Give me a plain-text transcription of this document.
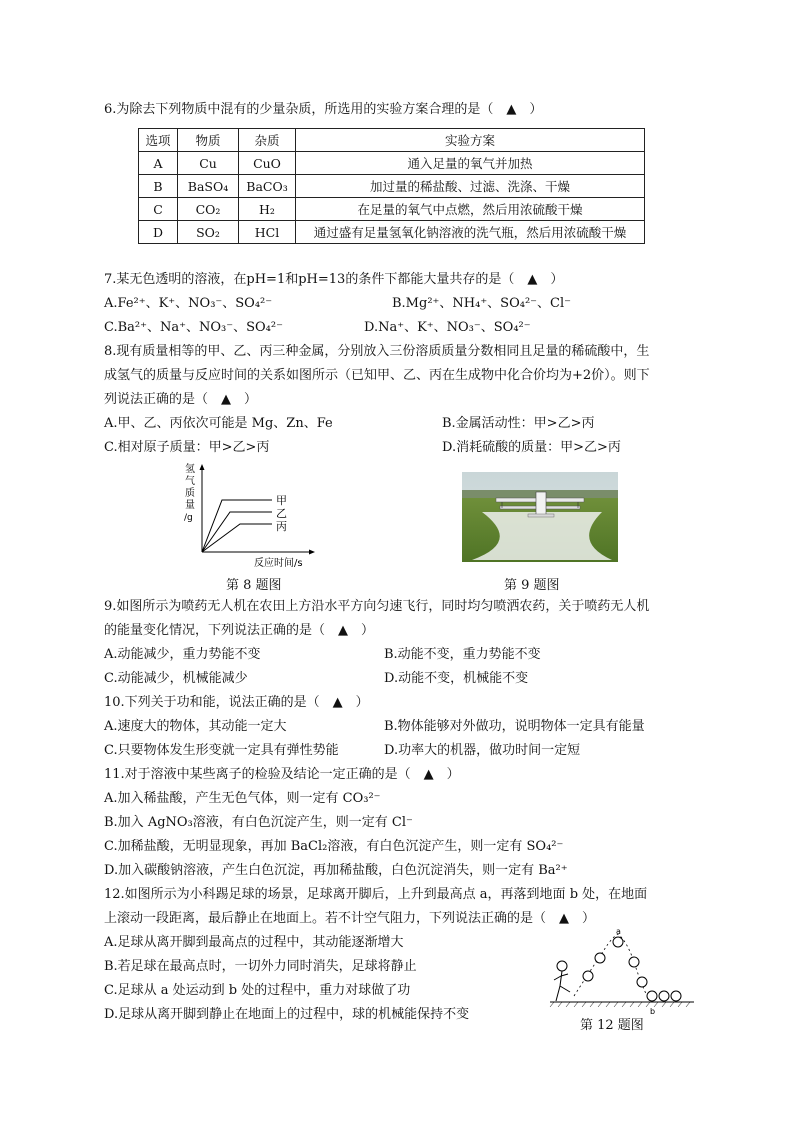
6.为除去下列物质中混有的少量杂质，所选用的实验方案合理的是（　▲　）
选项	物质	杂质	实验方案
A	Cu	CuO	通入足量的氧气并加热
B	BaSO₄	BaCO₃	加过量的稀盐酸、过滤、洗涤、干燥
C	CO₂	H₂	在足量的氧气中点燃，然后用浓硫酸干燥
D	SO₂	HCl	通过盛有足量氢氧化钠溶液的洗气瓶，然后用浓硫酸干燥
7.某无色透明的溶液，在pH=1和pH=13的条件下都能大量共存的是（　▲　）
A.Fe²⁺、K⁺、NO₃⁻、SO₄²⁻	B.Mg²⁺、NH₄⁺、SO₄²⁻、Cl⁻
C.Ba²⁺、Na⁺、NO₃⁻、SO₄²⁻	D.Na⁺、K⁺、NO₃⁻、SO₄²⁻
8.现有质量相等的甲、乙、丙三种金属，分别放入三份溶质质量分数相同且足量的稀硫酸中，生
成氢气的质量与反应时间的关系如图所示（已知甲、乙、丙在生成物中化合价均为+2价）。则下
列说法正确的是（　▲　）
A.甲、乙、丙依次可能是 Mg、Zn、Fe	B.金属活动性：甲>乙>丙
C.相对原子质量：甲>乙>丙	D.消耗硫酸的质量：甲>乙>丙
氢
气
质
量
/g
甲
乙
丙
反应时间/s
第 8 题图	第 9 题图
9.如图所示为喷药无人机在农田上方沿水平方向匀速飞行，同时均匀喷洒农药，关于喷药无人机
的能量变化情况，下列说法正确的是（　▲　）
A.动能减少，重力势能不变	B.动能不变，重力势能不变
C.动能减少，机械能减少	D.动能不变，机械能不变
10.下列关于功和能，说法正确的是（　▲　）
A.速度大的物体，其动能一定大	B.物体能够对外做功，说明物体一定具有能量
C.只要物体发生形变就一定具有弹性势能	D.功率大的机器，做功时间一定短
11.对于溶液中某些离子的检验及结论一定正确的是（　▲　）
A.加入稀盐酸，产生无色气体，则一定有 CO₃²⁻
B.加入 AgNO₃溶液，有白色沉淀产生，则一定有 Cl⁻
C.加稀盐酸，无明显现象，再加 BaCl₂溶液，有白色沉淀产生，则一定有 SO₄²⁻
D.加入碳酸钠溶液，产生白色沉淀，再加稀盐酸，白色沉淀消失，则一定有 Ba²⁺
12.如图所示为小科踢足球的场景，足球离开脚后，上升到最高点 a，再落到地面 b 处，在地面
上滚动一段距离，最后静止在地面上。若不计空气阻力，下列说法正确的是（　▲　）
A.足球从离开脚到最高点的过程中，其动能逐渐增大
B.若足球在最高点时，一切外力同时消失，足球将静止
C.足球从 a 处运动到 b 处的过程中，重力对球做了功
D.足球从离开脚到静止在地面上的过程中，球的机械能保持不变
a
b
第 12 题图
